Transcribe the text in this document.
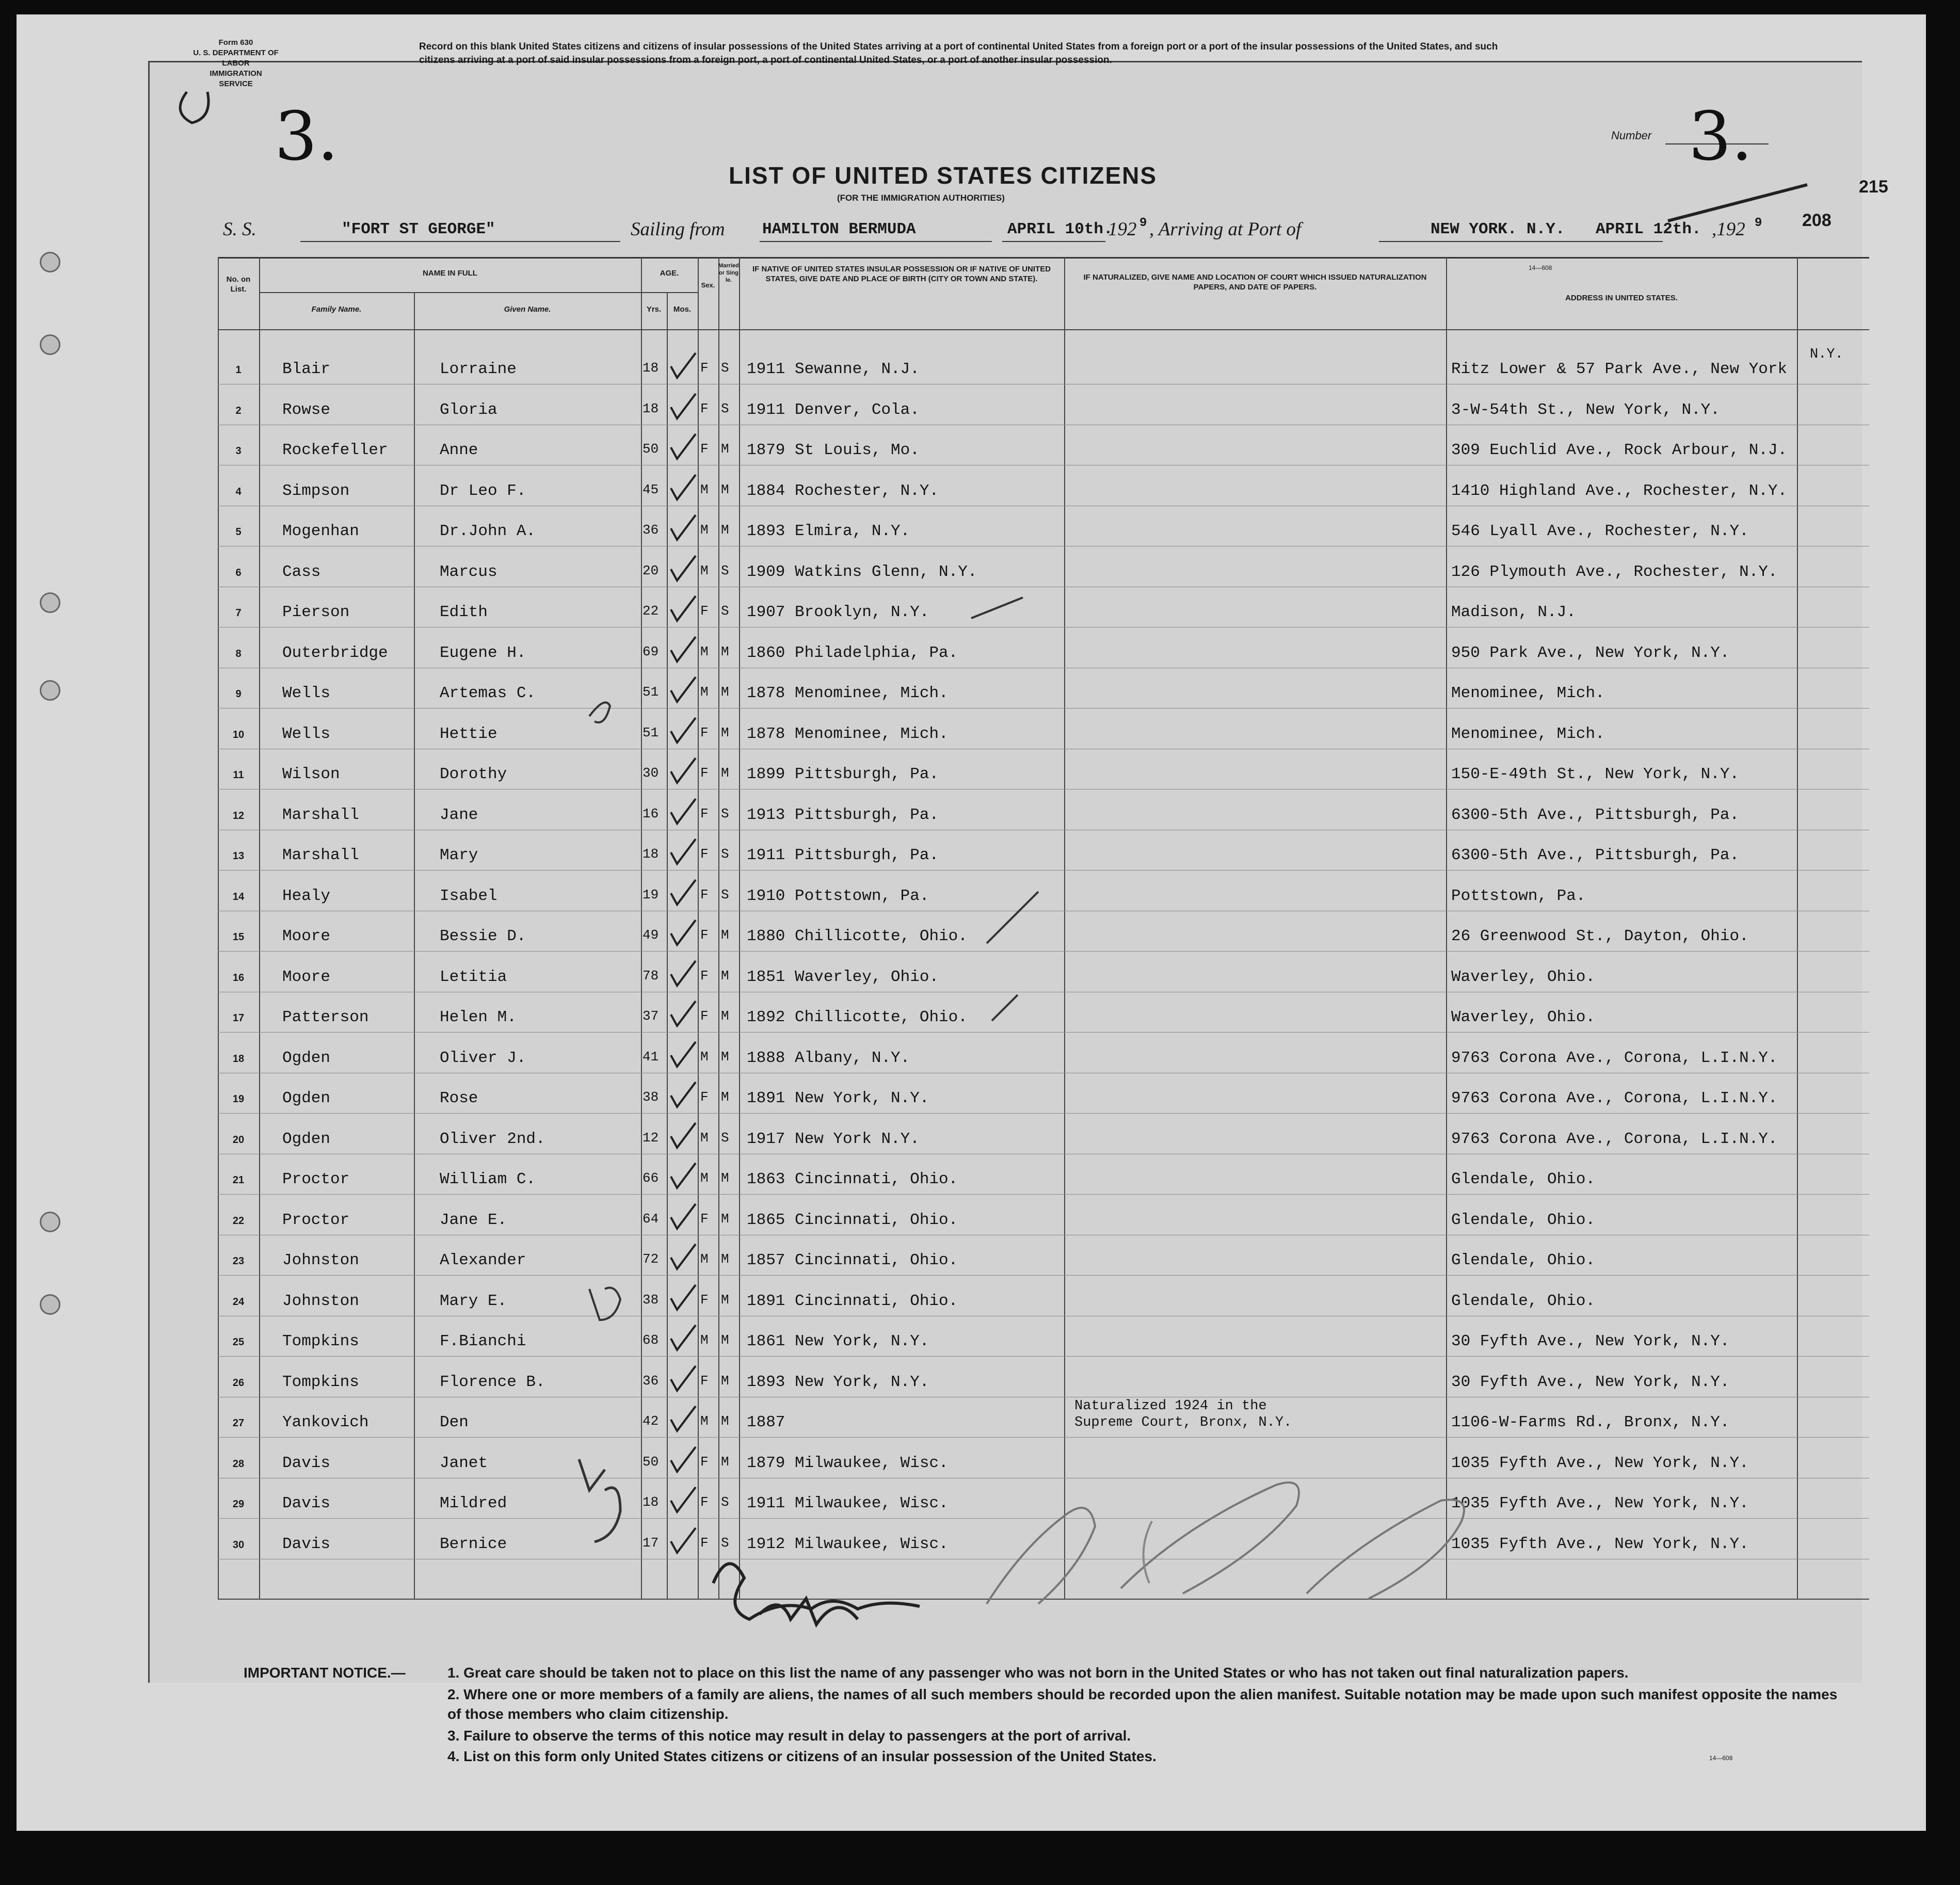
Form 630
U. S. DEPARTMENT OF LABOR
IMMIGRATION SERVICE
3.
Record on this blank United States citizens and citizens of insular possessions of the United States arriving at a port of continental United States from a foreign port or a port of the insular possessions of the United States, and such citizens arriving at a port of said insular possessions from a foreign port, a port of continental United States, or a port of another insular possession.
Number 3.
215
208
LIST OF UNITED STATES CITIZENS
(FOR THE IMMIGRATION AUTHORITIES)
S. S.	"FORT ST GEORGE"	Sailing from HAMILTON BERMUDA	APRIL 10th.
192 9 , Arriving at Port of	NEW YORK. N.Y. APRIL 12th. ,192 9
No. on List.
NAME IN FULL
Family Name.	Given Name.
AGE.
Yrs.	Mos.
Sex.
Married or Single.
IF NATIVE OF UNITED STATES INSULAR POSSESSION OR IF NATIVE OF UNITED STATES, GIVE DATE AND PLACE OF BIRTH (CITY OR TOWN AND STATE).	IF NATURALIZED, GIVE NAME AND LOCATION OF COURT WHICH ISSUED NATURALIZATION PAPERS, AND DATE OF PAPERS.
ADDRESS IN UNITED STATES.
14—608
1	Blair	Lorraine	18	F S 1911 Sewanne, N.J.	Ritz Lower & 57 Park Ave., New York
N.Y.
2	Rowse	Gloria	18	F S 1911 Denver, Cola.	3-W-54th St., New York, N.Y.
3	Rockefeller	Anne	50	F M 1879 St Louis, Mo.	309 Euchlid Ave., Rock Arbour, N.J.
4	Simpson	Dr Leo F.	45	M M 1884 Rochester, N.Y.	1410 Highland Ave., Rochester, N.Y.
5	Mogenhan	Dr.John A.	36	M M 1893 Elmira, N.Y.	546 Lyall Ave., Rochester, N.Y.
6	Cass	Marcus	20	M S 1909 Watkins Glenn, N.Y.	126 Plymouth Ave., Rochester, N.Y.
7	Pierson	Edith	22	F S 1907 Brooklyn, N.Y.	Madison, N.J.
8	Outerbridge	Eugene H.	69	M M 1860 Philadelphia, Pa.	950 Park Ave., New York, N.Y.
9	Wells	Artemas C.	51	M M 1878 Menominee, Mich.	Menominee, Mich.
10	Wells	Hettie	51	F M 1878 Menominee, Mich.	Menominee, Mich.
11	Wilson	Dorothy	30	F M 1899 Pittsburgh, Pa.	150-E-49th St., New York, N.Y.
12	Marshall	Jane	16	F S 1913 Pittsburgh, Pa.	6300-5th Ave., Pittsburgh, Pa.
13	Marshall	Mary	18	F S 1911 Pittsburgh, Pa.	6300-5th Ave., Pittsburgh, Pa.
14	Healy	Isabel	19	F S 1910 Pottstown, Pa.	Pottstown, Pa.
15	Moore	Bessie D.	49	F M 1880 Chillicotte, Ohio.	26 Greenwood St., Dayton, Ohio.
16	Moore	Letitia	78	F M 1851 Waverley, Ohio.	Waverley, Ohio.
17	Patterson	Helen M.	37	F M 1892 Chillicotte, Ohio.	Waverley, Ohio.
18	Ogden	Oliver J.	41	M M 1888 Albany, N.Y.	9763 Corona Ave., Corona, L.I.N.Y.
19	Ogden	Rose	38	F M 1891 New York, N.Y.	9763 Corona Ave., Corona, L.I.N.Y.
20	Ogden	Oliver 2nd.	12	M S 1917 New York N.Y.	9763 Corona Ave., Corona, L.I.N.Y.
21	Proctor	William C.	66	M M 1863 Cincinnati, Ohio.	Glendale, Ohio.
22	Proctor	Jane E.	64	F M 1865 Cincinnati, Ohio.	Glendale, Ohio.
23	Johnston	Alexander	72	M M 1857 Cincinnati, Ohio.	Glendale, Ohio.
24	Johnston	Mary E.	38	F M 1891 Cincinnati, Ohio.	Glendale, Ohio.
25	Tompkins	F.Bianchi	68	M M 1861 New York, N.Y.	30 Fyfth Ave., New York, N.Y.
26	Tompkins	Florence B.	36	F M 1893 New York, N.Y.	30 Fyfth Ave., New York, N.Y.
27	Yankovich	Den	42	M M 1887	1106-W-Farms Rd., Bronx, N.Y.
Naturalized 1924 in the
Supreme Court, Bronx, N.Y.
28	Davis	Janet	50	F M 1879 Milwaukee, Wisc.	1035 Fyfth Ave., New York, N.Y.
29	Davis	Mildred	18	F S 1911 Milwaukee, Wisc.	1035 Fyfth Ave., New York, N.Y.
30	Davis	Bernice	17	F S 1912 Milwaukee, Wisc.	1035 Fyfth Ave., New York, N.Y.
IMPORTANT NOTICE.—	1. Great care should be taken not to place on this list the name of any passenger who was not born in the United States or who has not taken out final naturalization papers.
2. Where one or more members of a family are aliens, the names of all such members should be recorded upon the alien manifest. Suitable notation may be made upon such manifest opposite the names of those members who claim citizenship.
3. Failure to observe the terms of this notice may result in delay to passengers at the port of arrival.
4. List on this form only United States citizens or citizens of an insular possession of the United States.	14—608
